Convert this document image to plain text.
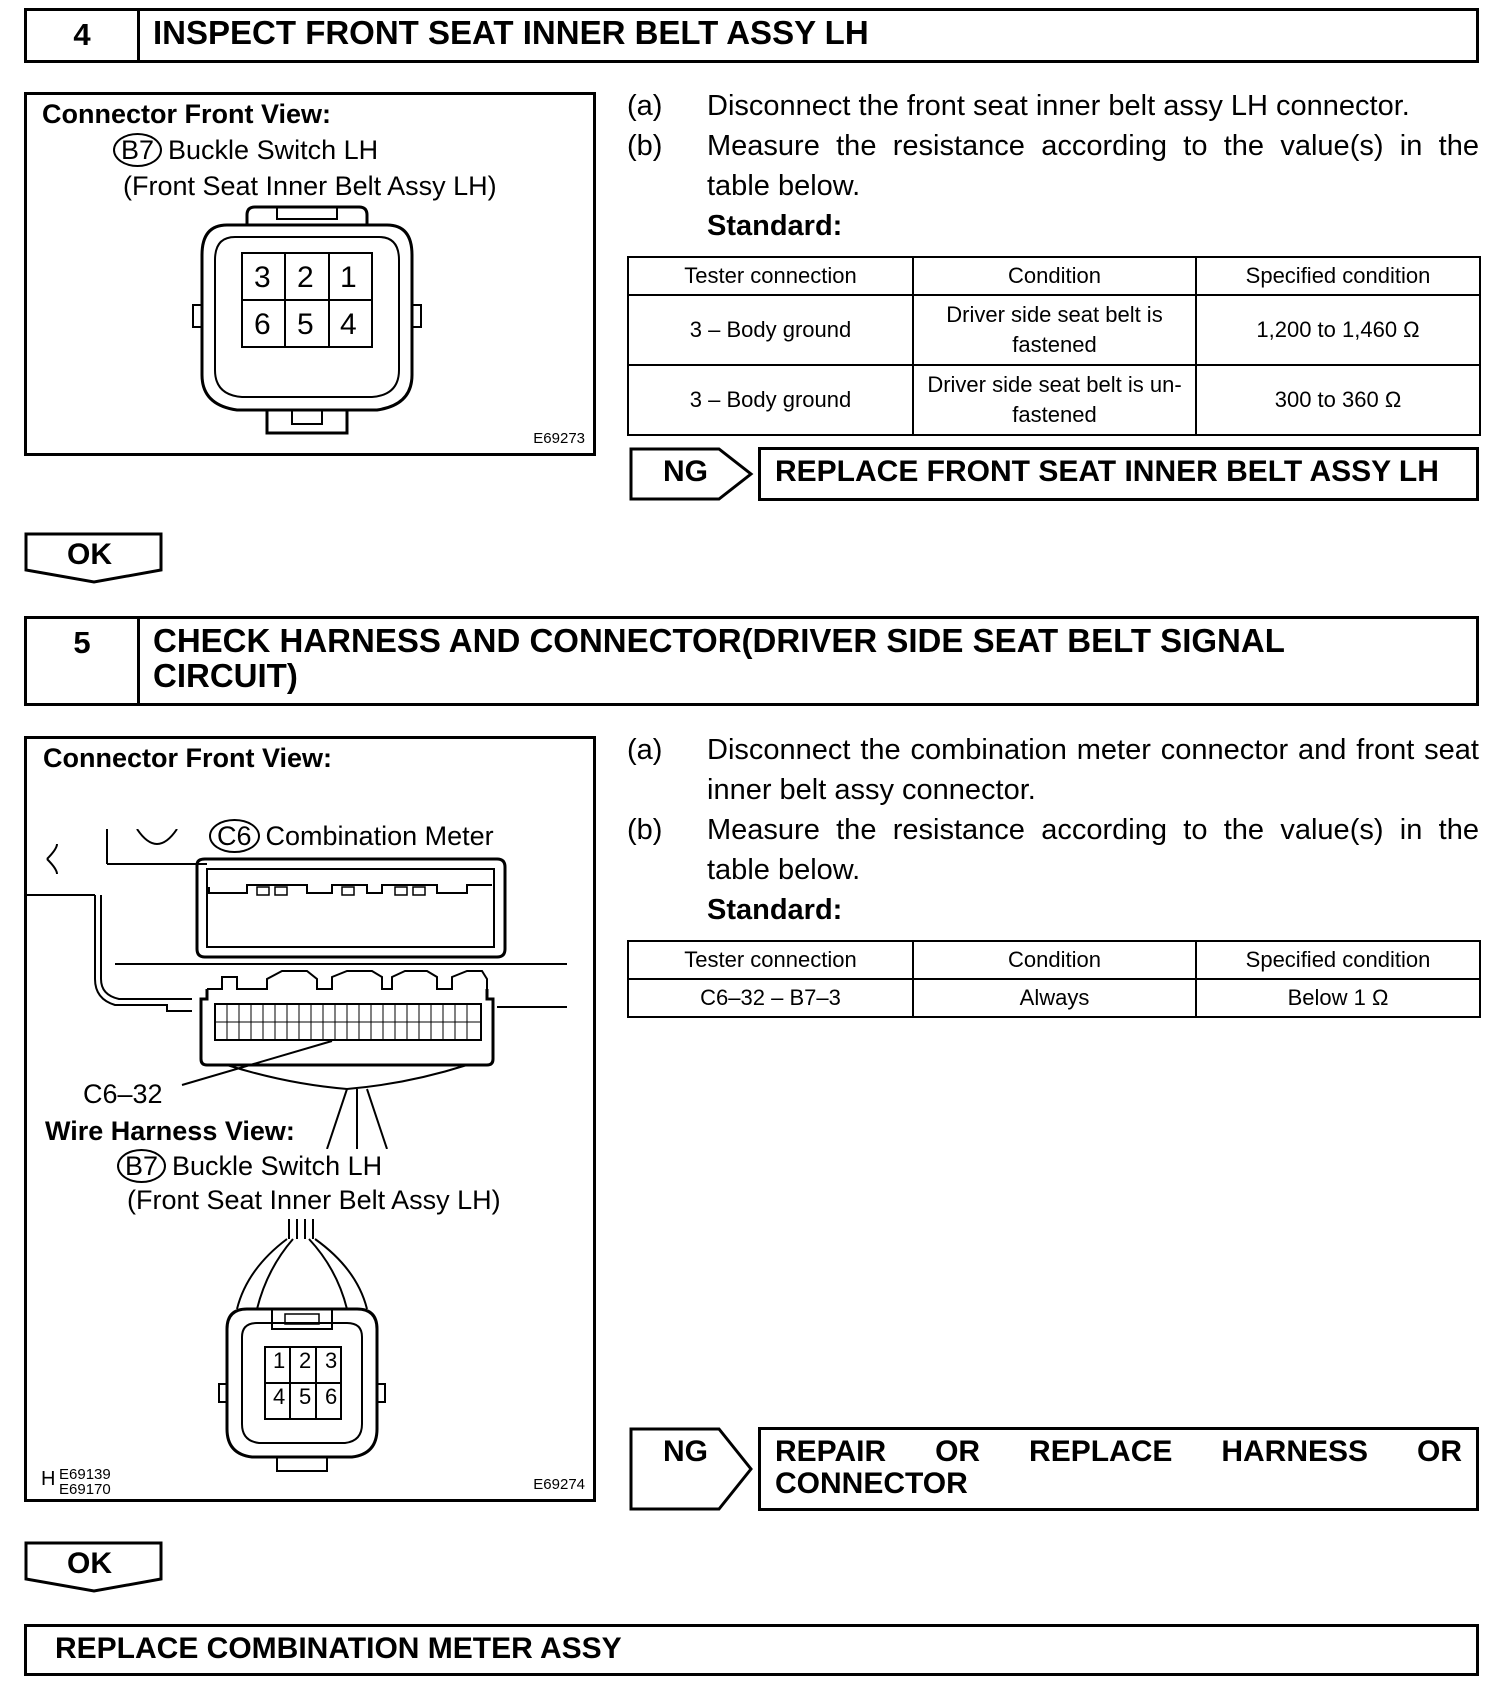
4	INSPECT FRONT SEAT INNER BELT ASSY LH
Connector Front View:
B7 Buckle Switch LH
(Front Seat Inner Belt Assy LH)
3 2 1
6 5 4
E69273
(a)	Disconnect the front seat inner belt assy LH connector.
(b)	Measure the resistance according to the value(s) in the table below.
Standard:
Tester connection	Condition	Specified condition
3 – Body ground	Driver side seat belt is fastened	1,200 to 1,460 Ω
3 – Body ground	Driver side seat belt is un-fastened	300 to 360 Ω
NG	REPLACE FRONT SEAT INNER BELT ASSY LH
OK
5	CHECK HARNESS AND CONNECTOR(DRIVER SIDE SEAT BELT SIGNAL CIRCUIT)
Connector Front View:
C6 Combination Meter
C6–32
Wire Harness View:
B7 Buckle Switch LH
(Front Seat Inner Belt Assy LH)
1 2 3
4 5 6
H E69139
E69170	E69274
(a)	Disconnect the combination meter connector and front seat inner belt assy connector.
(b)	Measure the resistance according to the value(s) in the table below.
Standard:
Tester connection	Condition	Specified condition
C6–32 – B7–3	Always	Below 1 Ω
NG REPAIR OR REPLACE HARNESS OR CONNECTOR
OK
REPLACE COMBINATION METER ASSY
